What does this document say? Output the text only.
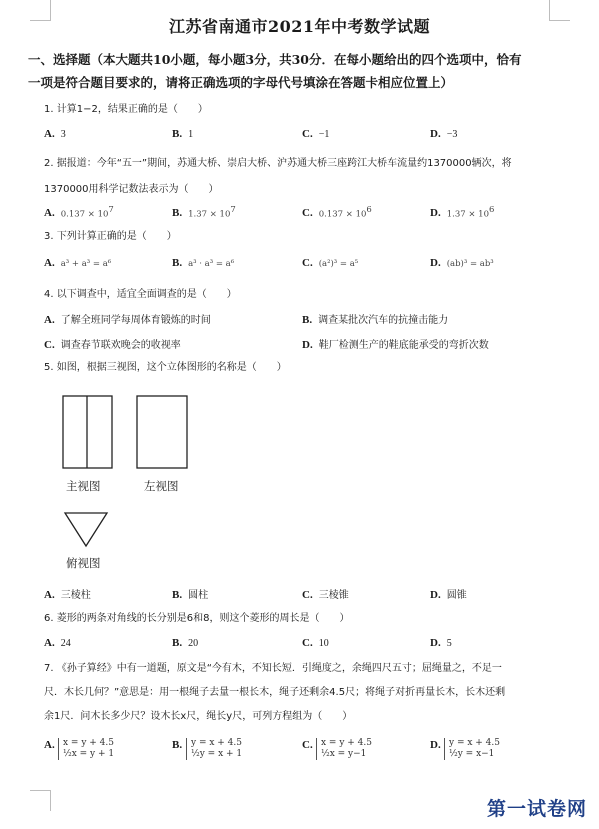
江苏省南通市2021年中考数学试题
一、选择题（本大题共10小题，每小题3分，共30分．在每小题给出的四个选项中，恰有
一项是符合题目要求的，请将正确选项的字母代号填涂在答题卡相应位置上）
1. 计算1−2，结果正确的是（　　）
A. 3	B. 1	C. −1	D. −3
2. 据报道：今年“五一”期间，苏通大桥、崇启大桥、沪苏通大桥三座跨江大桥车流量约1370000辆次，将
1370000用科学记数法表示为（　　）
A. $0.137 \times 10^7$	B. $1.37 \times 10^7$	C. $0.137 \times 10^6$	D. $1.37 \times 10^6$
3. 下列计算正确的是（　　）
A. a³ + a³ = a⁶	B. a³ · a³ = a⁶	C. (a²)³ = a⁵	D. (ab)³ = ab³
4. 以下调查中，适宜全面调查的是（　　）
A. 了解全班同学每周体育锻炼的时间	B. 调查某批次汽车的抗撞击能力
C. 调查春节联欢晚会的收视率	D. 鞋厂检测生产的鞋底能承受的弯折次数
5. 如图，根据三视图，这个立体图形的名称是（　　）
主视图	左视图
俯视图
A. 三棱柱	B. 圆柱	C. 三棱锥	D. 圆锥
6. 菱形的两条对角线的长分别是6和8，则这个菱形的周长是（　　）
A. 24	B. 20	C. 10	D. 5
7. 《孙子算经》中有一道题，原文是“今有木，不知长短．引绳度之，余绳四尺五寸；屈绳量之，不足一
尺．木长几何？”意思是：用一根绳子去量一根长木，绳子还剩余4.5尺；将绳子对折再量长木，长木还剩
余1尺．问木长多少尺？设木长x尺，绳长y尺，可列方程组为（　　）
A. x = y + 4.5
½x = y + 1
B. y = x + 4.5
½y = x + 1
C. x = y + 4.5
½x = y−1
D. y = x + 4.5
½y = x−1
第一试卷网
